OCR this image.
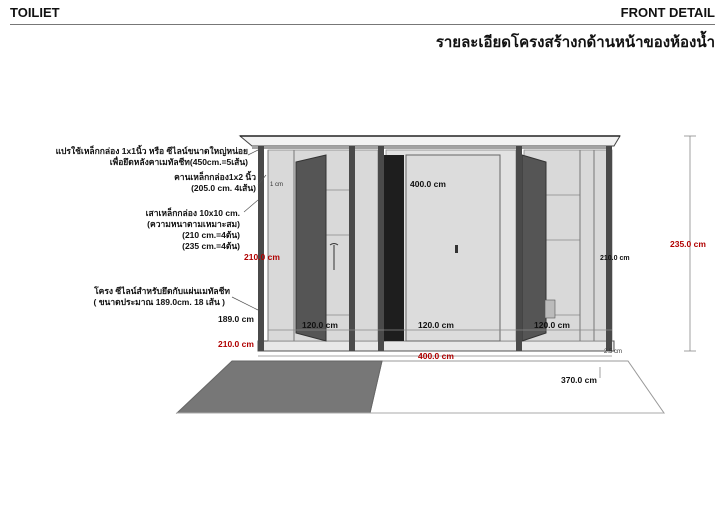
TOILIET	FRONT DETAIL
รายละเอียดโครงสร้างกด้านหน้าของห้องน้ำ
แปรใช้เหล็กกล่อง 1x1นิ้ว หรือ ซีไลน์ขนาดใหญ่หน่อย
เพื่อยึดหลังคาเมทัลชีท(450cm.=5เส้น)
คานเหล็กกล่อง1x2 นิ้ว
(205.0 cm. 4เส้น)
เสาเหล็กกล่อง 10x10 cm.
(ความหนาตามเหมาะสม)
(210 cm.=4ต้น)
(235 cm.=4ต้น)
โครง ซีไลน์สำหรับยึดกับแผ่นเมทัลชีท
( ขนาดประมาณ 189.0cm. 18 เส้น )
400.0 cm
235.0 cm
210.0 cm	210.0 cm
189.0 cm
210.0 cm
120.0 cm	120.0 cm	120.0 cm
400.0 cm
370.0 cm
1 cm
2.5 cm
